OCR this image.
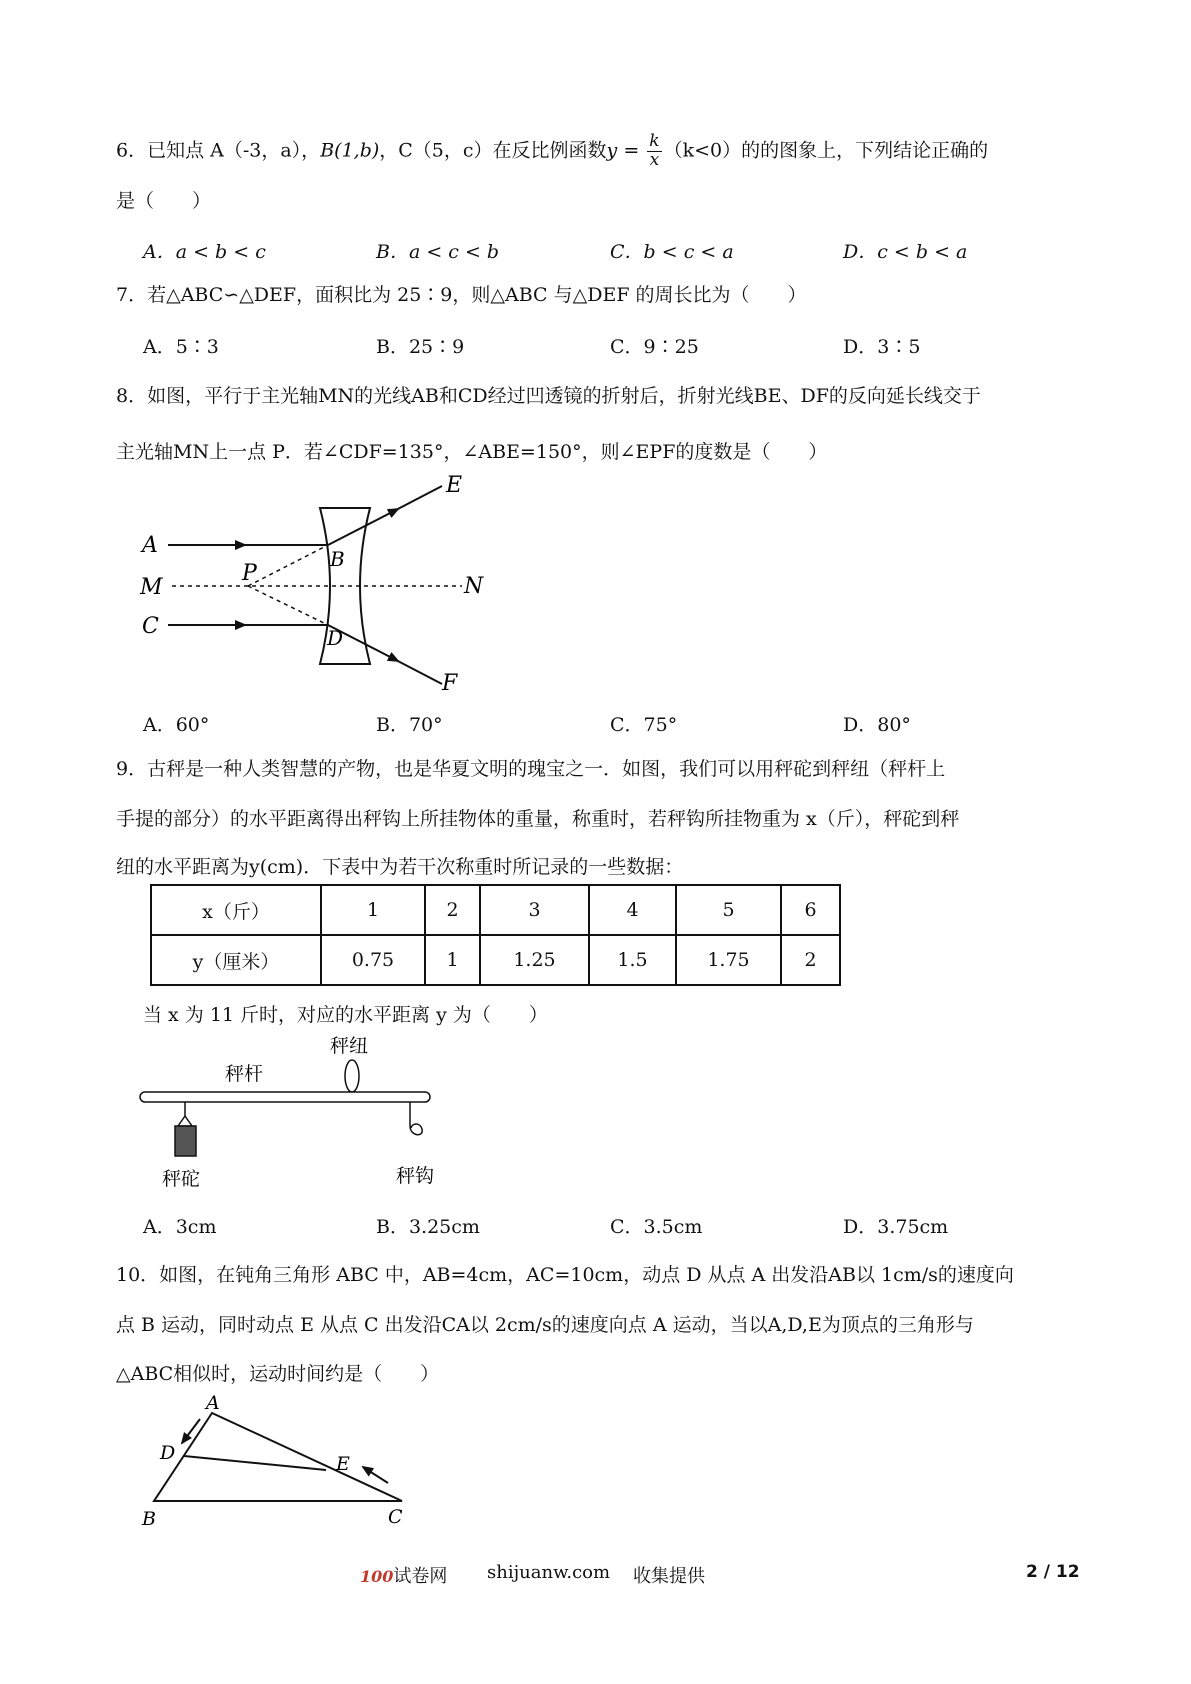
6．已知点 A（-3，a），B(1,b)，C（5，c）在反比例函数$y = \frac{k}{x} (k<0)$的的图象上，下列结论正确的
是（　　）
A．a < b < c	B．a < c < b	C．b < c < a	D．c < b < a
7．若△ABC∽△DEF，面积比为 25∶9，则△ABC 与△DEF 的周长比为（　　）
A．5∶3	B．25∶9	C．9∶25	D．3∶5
8．如图，平行于主光轴MN的光线AB和CD经过凹透镜的折射后，折射光线BE、DF的反向延长线交于
主光轴MN上一点 P．若∠CDF=135°，∠ABE=150°，则∠EPF的度数是（　　）
A
M
C
P
B
D
N
E
F
A．60°	B．70°	C．75°	D．80°
9．古秤是一种人类智慧的产物，也是华夏文明的瑰宝之一．如图，我们可以用秤砣到秤纽（秤杆上
手提的部分）的水平距离得出秤钩上所挂物体的重量，称重时，若秤钩所挂物重为 x（斤），秤砣到秤
纽的水平距离为y(cm)．下表中为若干次称重时所记录的一些数据：
x（斤）	1	2	3	4	5	6
y（厘米）	0.75	1	1.25	1.5	1.75	2
当 x 为 11 斤时，对应的水平距离 y 为（　　）
秤纽
秤杆
秤砣	秤钩
A．3cm	B．3.25cm	C．3.5cm	D．3.75cm
10．如图，在钝角三角形 ABC 中，AB=4cm，AC=10cm，动点 D 从点 A 出发沿AB以 1cm/s的速度向
点 B 运动，同时动点 E 从点 C 出发沿CA以 2cm/s的速度向点 A 运动，当以A,D,E为顶点的三角形与
△ABC相似时，运动时间约是（　　）
A
D	E
B	C
100试卷网 shijuanw.com 收集提供	2 / 12
